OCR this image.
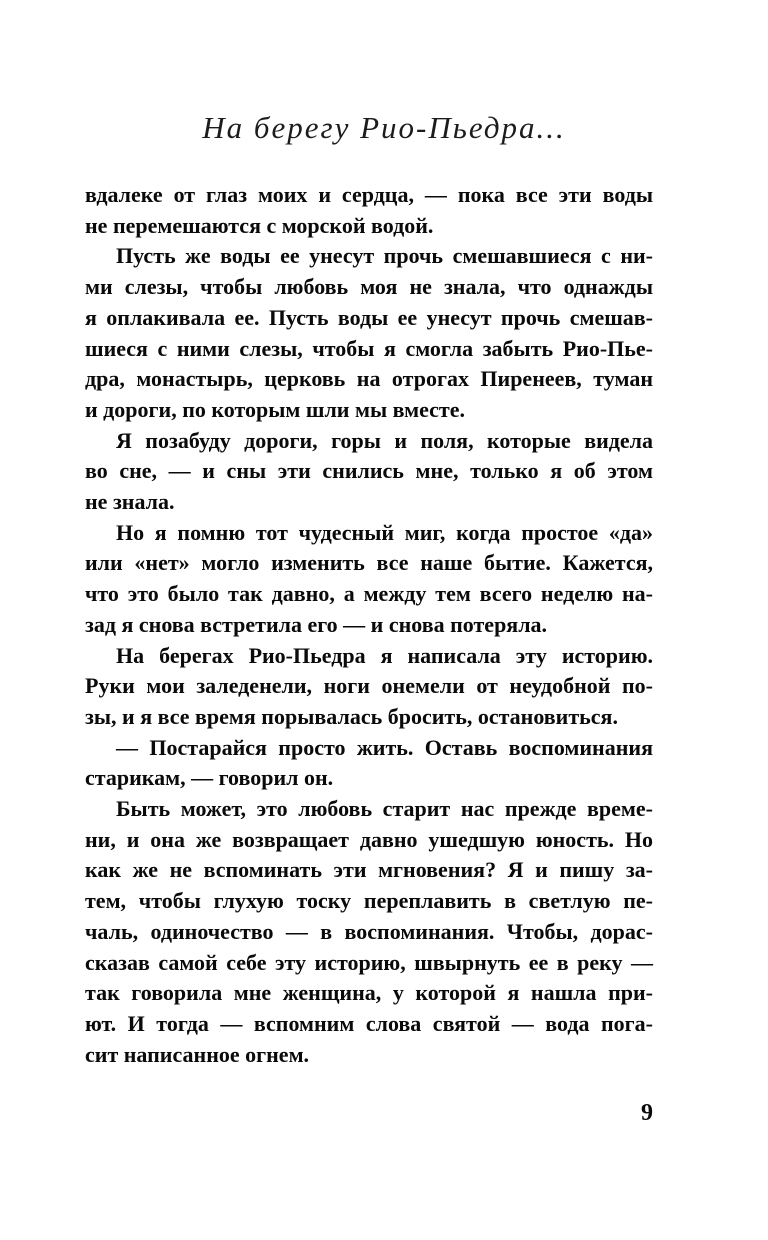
На берегу Рио-Пьедра...

вдалеке от глаз моих и сердца, — пока все эти воды
не перемешаются с морской водой.

Пусть же воды ее унесут прочь смешавшиеся с ни-
ми слезы, чтобы любовь моя не знала, что однажды
я оплакивала ее. Пусть воды ее унесут прочь смешав-
шиеся с ними слезы, чтобы я смогла забыть Рио-Пье-
дра, монастырь, церковь на отрогах Пиренеев, туман
и дороги, по которым шли мы вместе.

Я позабуду дороги, горы и поля, которые видела
во сне, — и сны эти снились мне, только я об этом
не знала.

Но я помню тот чудесный миг, когда простое «да»
или «нет» могло изменить все наше бытие. Кажется,
что это было так давно, а между тем всего неделю на-
зад я снова встретила его — и снова потеряла.

На берегах Рио-Пьедра я написала эту историю.
Руки мои заледенели, ноги онемели от неудобной по-
зы, и я все время порывалась бросить, остановиться.

— Постарайся просто жить. Оставь воспоминания
старикам, — говорил он.

Быть может, это любовь старит нас прежде време-
ни, и она же возвращает давно ушедшую юность. Но
как же не вспоминать эти мгновения? Я и пишу за-
тем, чтобы глухую тоску переплавить в светлую пе-
чаль, одиночество — в воспоминания. Чтобы, дорас-
сказав самой себе эту историю, швырнуть ее в реку —
так говорила мне женщина, у которой я нашла при-
ют. И тогда — вспомним слова святой — вода пога-
сит написанное огнем.

9
